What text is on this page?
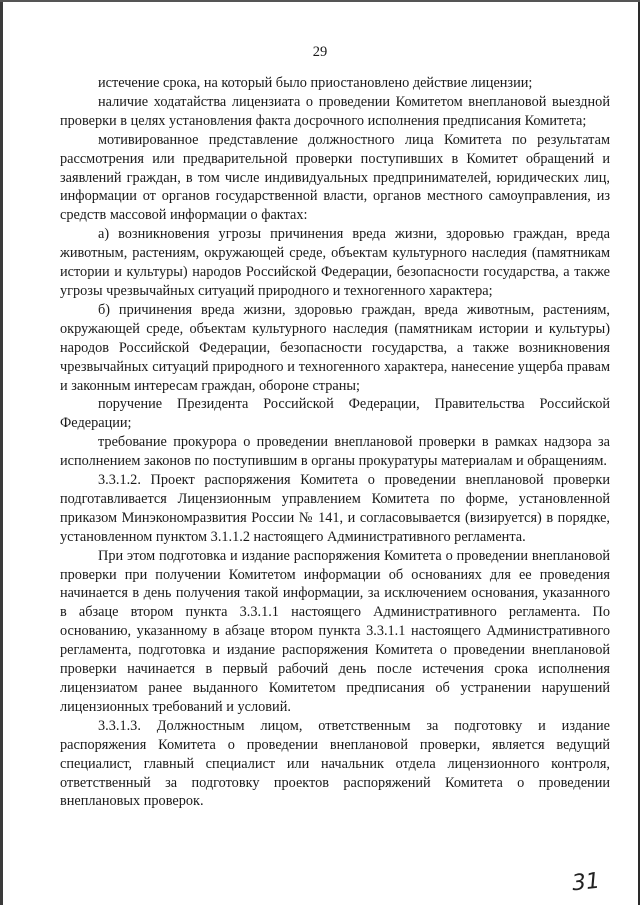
29

истечение срока, на который было приостановлено действие лицензии;

наличие ходатайства лицензиата о проведении Комитетом внеплановой выездной проверки в целях установления факта досрочного исполнения предписания Комитета;

мотивированное представление должностного лица Комитета по результатам рассмотрения или предварительной проверки поступивших в Комитет обращений и заявлений граждан, в том числе индивидуальных предпринимателей, юридических лиц, информации от органов государственной власти, органов местного самоуправления, из средств массовой информации о фактах:

а) возникновения угрозы причинения вреда жизни, здоровью граждан, вреда животным, растениям, окружающей среде, объектам культурного наследия (памятникам истории и культуры) народов Российской Федерации, безопасности государства, а также угрозы чрезвычайных ситуаций природного и техногенного характера;

б) причинения вреда жизни, здоровью граждан, вреда животным, растениям, окружающей среде, объектам культурного наследия (памятникам истории и культуры) народов Российской Федерации, безопасности государства, а также возникновения чрезвычайных ситуаций природного и техногенного характера, нанесение ущерба правам и законным интересам граждан, обороне страны;

поручение Президента Российской Федерации, Правительства Российской Федерации;

требование прокурора о проведении внеплановой проверки в рамках надзора за исполнением законов по поступившим в органы прокуратуры материалам и обращениям.

3.3.1.2. Проект распоряжения Комитета о проведении внеплановой проверки подготавливается Лицензионным управлением Комитета по форме, установленной приказом Минэкономразвития России № 141, и согласовывается (визируется) в порядке, установленном пунктом 3.1.1.2 настоящего Административного регламента.

При этом подготовка и издание распоряжения Комитета о проведении внеплановой проверки при получении Комитетом информации об основаниях для ее проведения начинается в день получения такой информации, за исключением основания, указанного в абзаце втором пункта 3.3.1.1 настоящего Административного регламента. По основанию, указанному в абзаце втором пункта 3.3.1.1 настоящего Административного регламента, подготовка и издание распоряжения Комитета о проведении внеплановой проверки начинается в первый рабочий день после истечения срока исполнения лицензиатом ранее выданного Комитетом предписания об устранении нарушений лицензионных требований и условий.

3.3.1.3. Должностным лицом, ответственным за подготовку и издание распоряжения Комитета о проведении внеплановой проверки, является ведущий специалист, главный специалист или начальник отдела лицензионного контроля, ответственный за подготовку проектов распоряжений Комитета о проведении внеплановых проверок.

31
